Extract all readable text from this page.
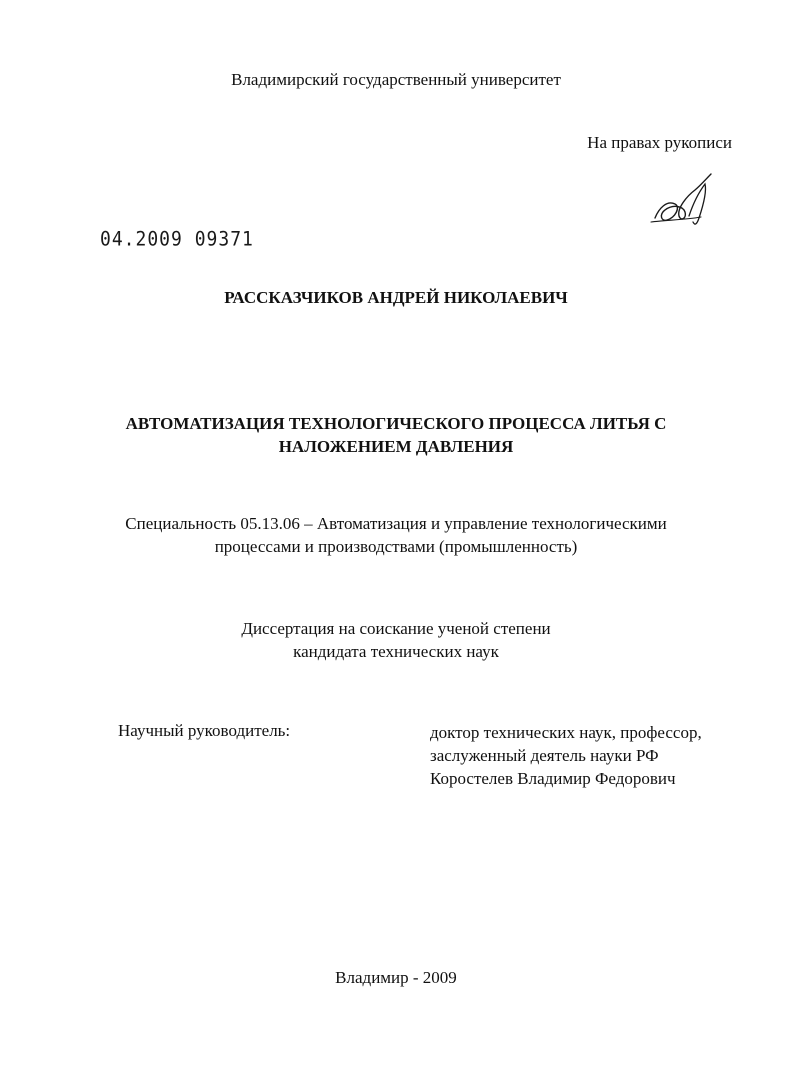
Владимирский государственный университет
На правах рукописи
04.2009 09371
РАССКАЗЧИКОВ АНДРЕЙ НИКОЛАЕВИЧ
АВТОМАТИЗАЦИЯ ТЕХНОЛОГИЧЕСКОГО ПРОЦЕССА ЛИТЬЯ С
НАЛОЖЕНИЕМ ДАВЛЕНИЯ
Специальность 05.13.06 – Автоматизация и управление технологическими
процессами и производствами (промышленность)
Диссертация на соискание ученой степени
кандидата технических наук
Научный руководитель:	доктор технических наук, профессор,
заслуженный деятель науки РФ
Коростелев Владимир Федорович
Владимир - 2009
